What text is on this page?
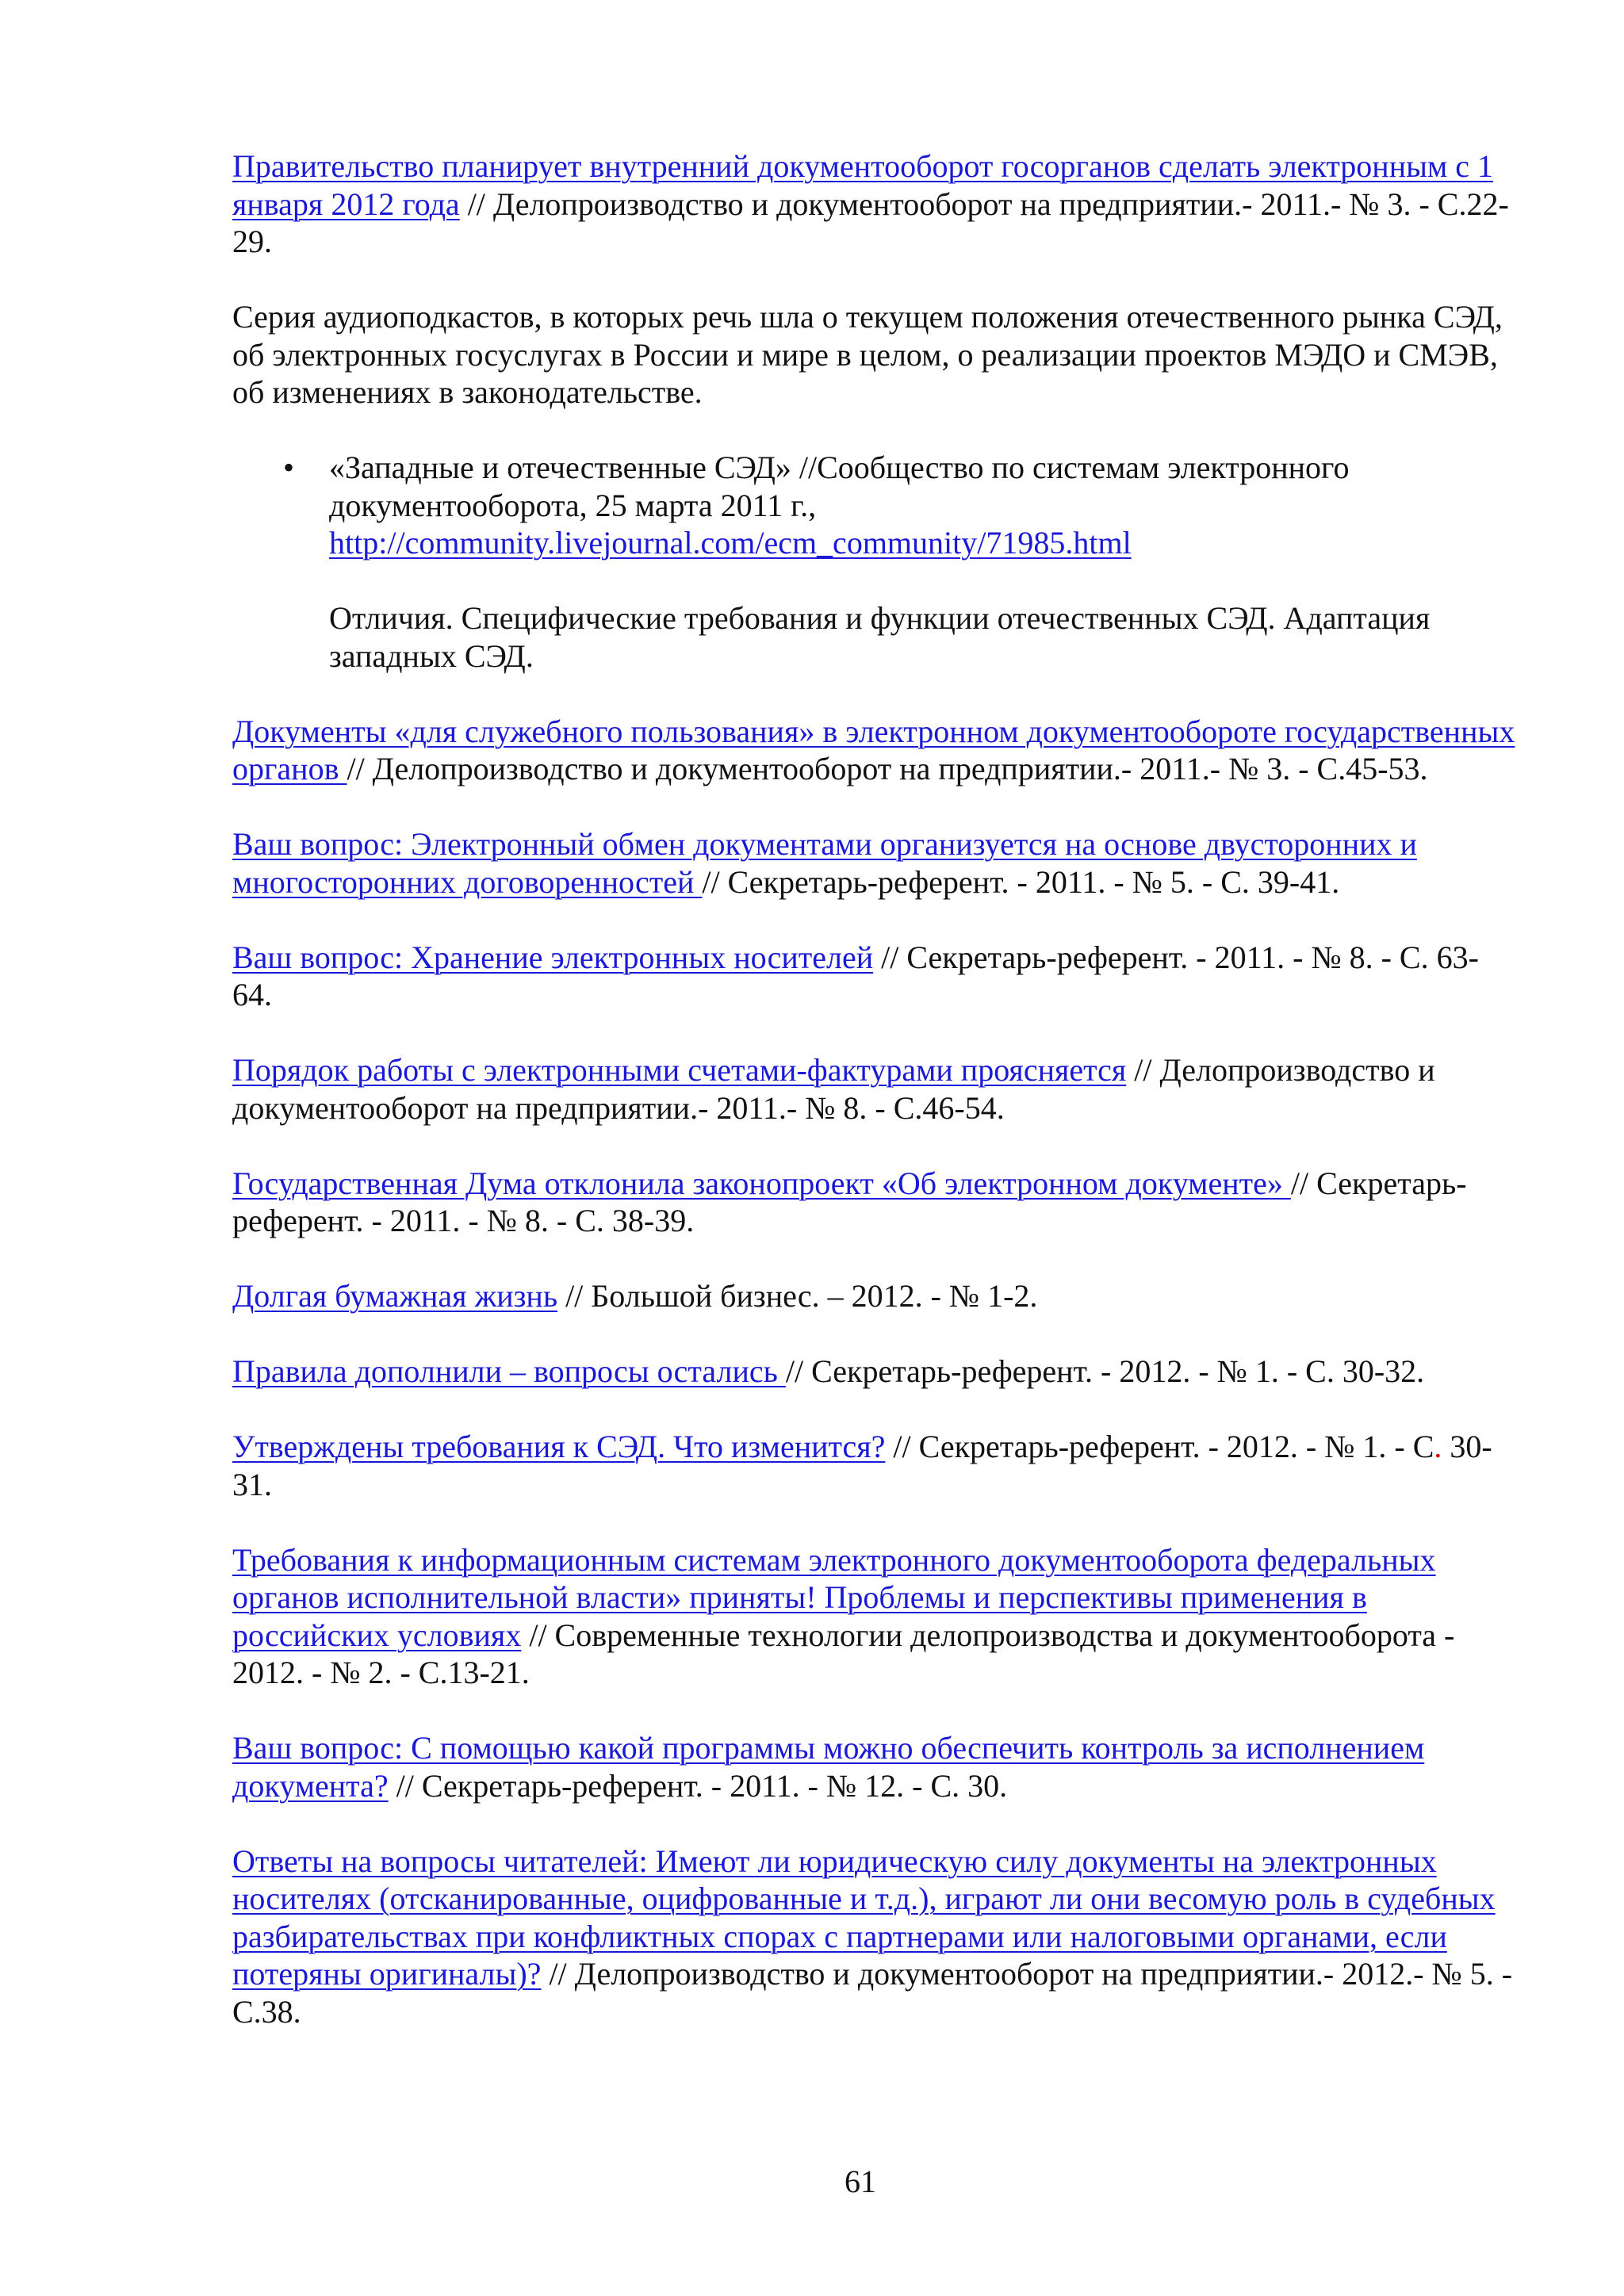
Правительство планирует внутренний документооборот госорганов сделать электронным с 1 января 2012 года // Делопроизводство и документооборот на предприятии.- 2011.- № 3. - С.22-29.

Серия аудиоподкастов, в которых речь шла о текущем положения отечественного рынка СЭД, об электронных госуслугах в России и мире в целом, о реализации проектов МЭДО и СМЭВ, об изменениях в законодательстве.

• «Западные и отечественные СЭД» //Сообщество по системам электронного документооборота, 25 марта 2011 г.,
http://community.livejournal.com/ecm_community/71985.html

Отличия. Специфические требования и функции отечественных СЭД. Адаптация западных СЭД.

Документы «для служебного пользования» в электронном документообороте государственных органов // Делопроизводство и документооборот на предприятии.- 2011.- № 3. - С.45-53.

Ваш вопрос: Электронный обмен документами организуется на основе двусторонних и многосторонних договоренностей // Секретарь-референт. - 2011. - № 5. - С. 39-41.

Ваш вопрос: Хранение электронных носителей // Секретарь-референт. - 2011. - № 8. - С. 63-64.

Порядок работы с электронными счетами-фактурами проясняется // Делопроизводство и документооборот на предприятии.- 2011.- № 8. - С.46-54.

Государственная Дума отклонила законопроект «Об электронном документе» // Секретарь-референт. - 2011. - № 8. - С. 38-39.

Долгая бумажная жизнь // Большой бизнес. – 2012. - № 1-2.

Правила дополнили – вопросы остались // Секретарь-референт. - 2012. - № 1. - С. 30-32.

Утверждены требования к СЭД. Что изменится? // Секретарь-референт. - 2012. - № 1. - С. 30-31.

Требования к информационным системам электронного документооборота федеральных органов исполнительной власти» приняты! Проблемы и перспективы применения в российских условиях // Современные технологии делопроизводства и документооборота - 2012. - № 2. - С.13-21.

Ваш вопрос: С помощью какой программы можно обеспечить контроль за исполнением документа? // Секретарь-референт. - 2011. - № 12. - С. 30.

Ответы на вопросы читателей: Имеют ли юридическую силу документы на электронных носителях (отсканированные, оцифрованные и т.д.), играют ли они весомую роль в судебных разбирательствах при конфликтных спорах с партнерами или налоговыми органами, если потеряны оригиналы)? // Делопроизводство и документооборот на предприятии.- 2012.- № 5. - С.38.

61
